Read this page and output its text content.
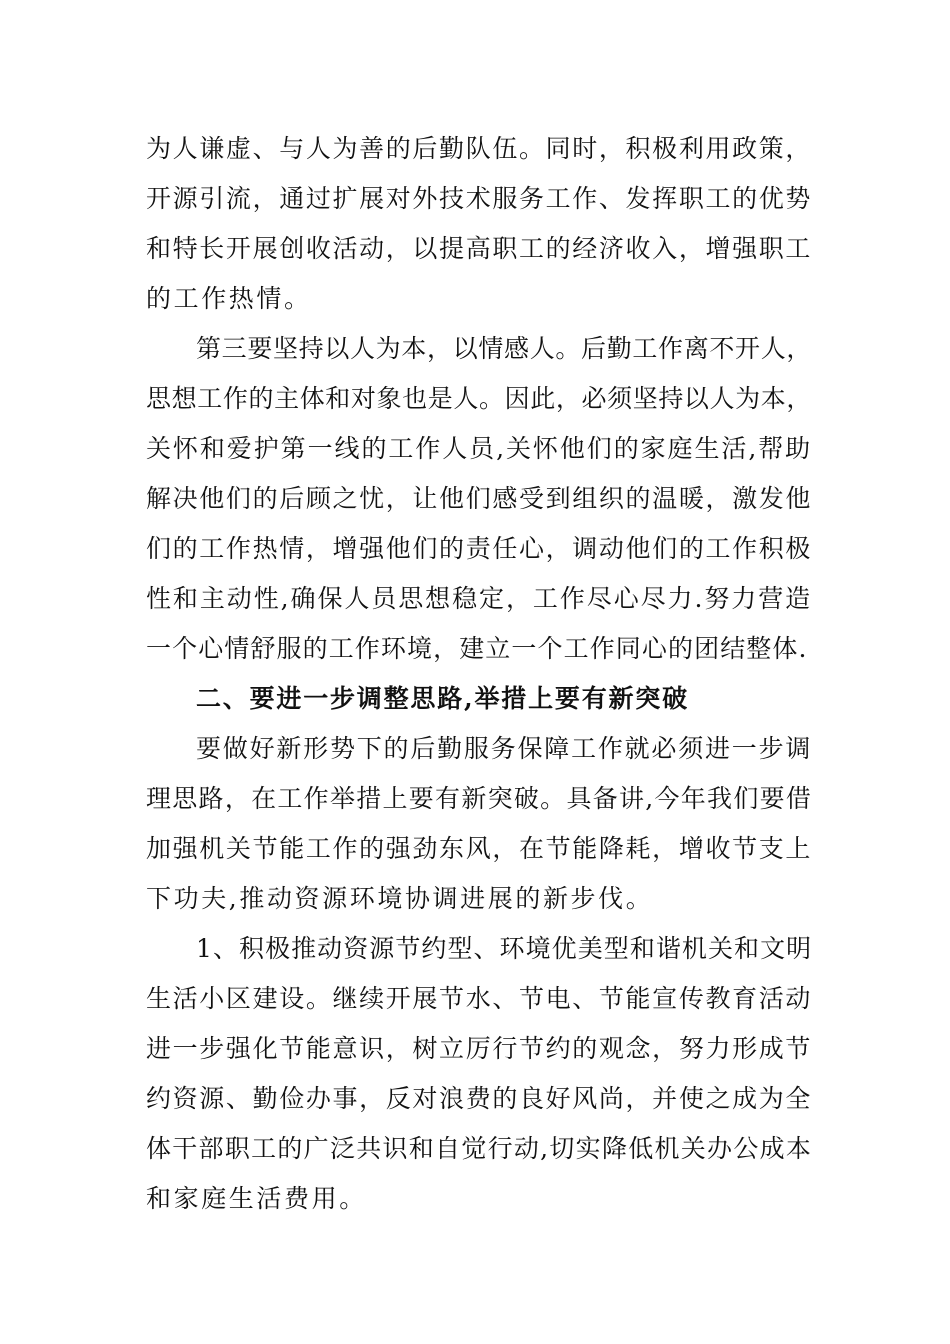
为人谦虚、与人为善的后勤队伍。同时，积极利用政策，
开源引流，通过扩展对外技术服务工作、发挥职工的优势
和特长开展创收活动，以提高职工的经济收入，增强职工
的工作热情。
第三要坚持以人为本，以情感人。后勤工作离不开人，
思想工作的主体和对象也是人。因此，必须坚持以人为本，
关怀和爱护第一线的工作人员,关怀他们的家庭生活,帮助
解决他们的后顾之忧，让他们感受到组织的温暖，激发他
们的工作热情，增强他们的责任心，调动他们的工作积极
性和主动性,确保人员思想稳定，工作尽心尽力.努力营造
一个心情舒服的工作环境，建立一个工作同心的团结整体.
二、要进一步调整思路,举措上要有新突破
要做好新形势下的后勤服务保障工作就必须进一步调
理思路，在工作举措上要有新突破。具备讲,今年我们要借
加强机关节能工作的强劲东风，在节能降耗，增收节支上
下功夫,推动资源环境协调进展的新步伐。
1、积极推动资源节约型、环境优美型和谐机关和文明
生活小区建设。继续开展节水、节电、节能宣传教育活动
进一步强化节能意识，树立厉行节约的观念，努力形成节
约资源、勤俭办事，反对浪费的良好风尚，并使之成为全
体干部职工的广泛共识和自觉行动,切实降低机关办公成本
和家庭生活费用。
